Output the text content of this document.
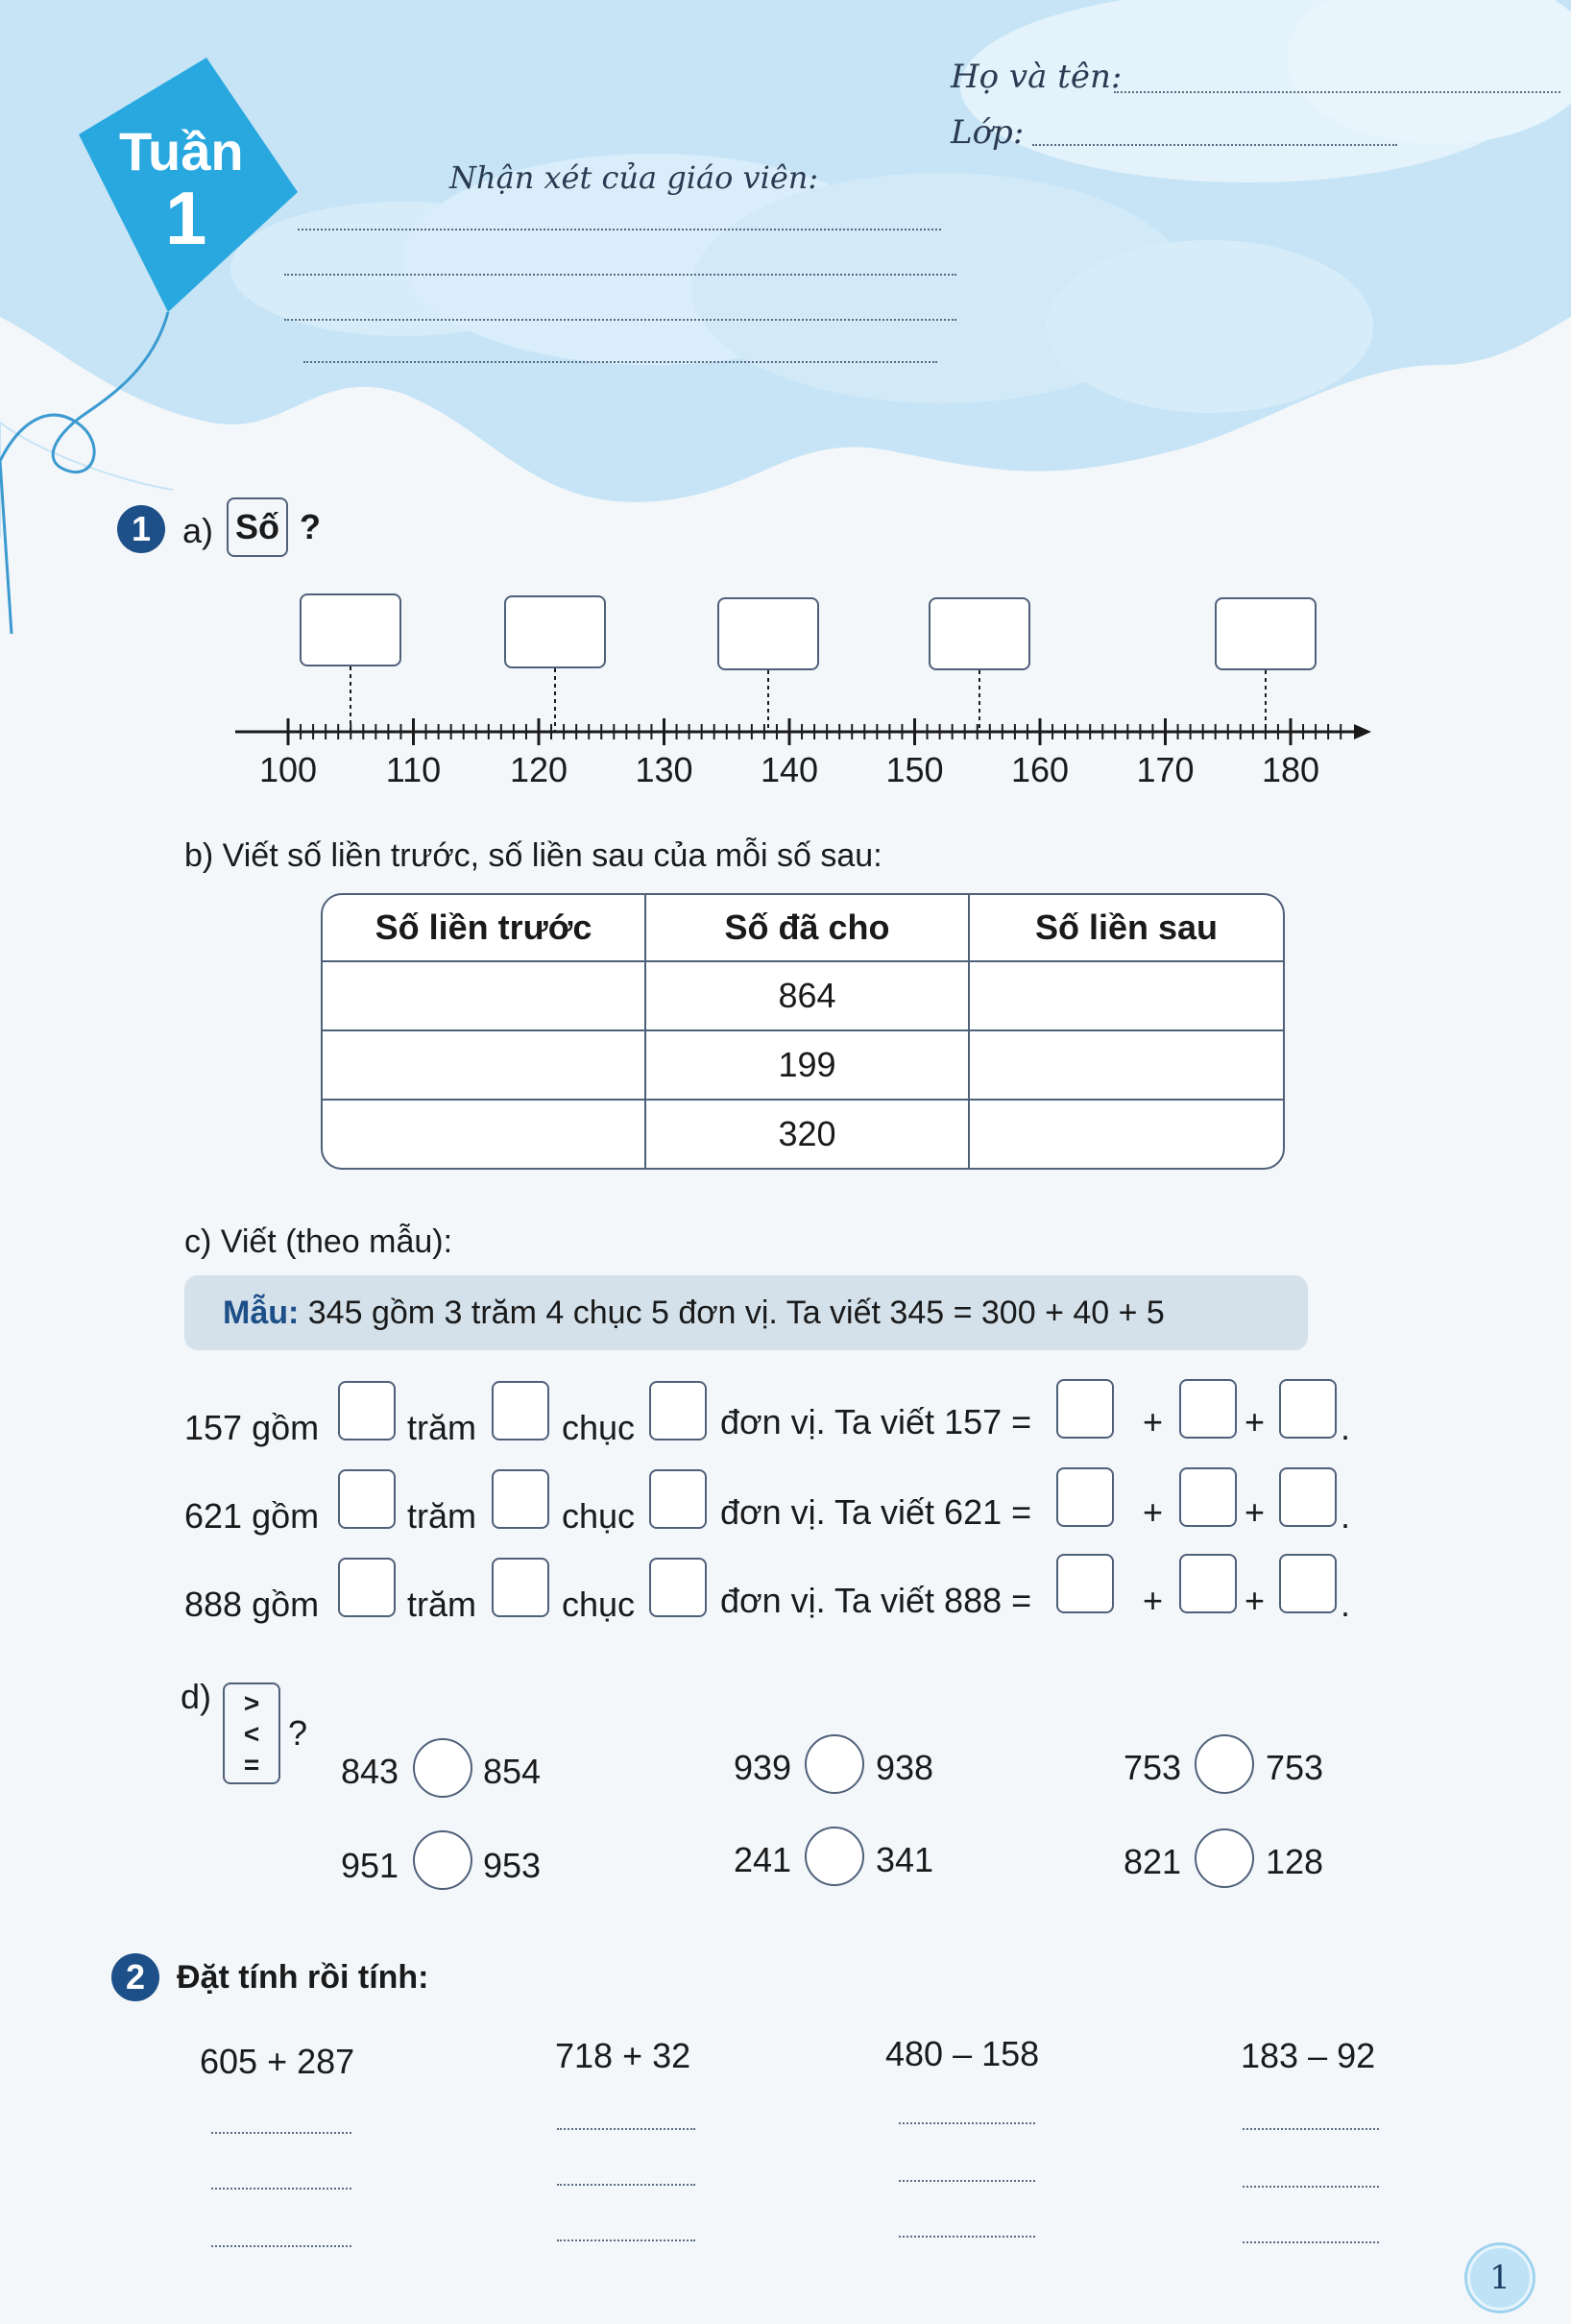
Tuần
1
Họ và tên:
Lớp:
Nhận xét của giáo viên:
1 a) Số ?
100 110 120 130 140 150 160 170 180
b) Viết số liền trước, số liền sau của mỗi số sau:
Số liền trước	Số đã cho	Số liền sau
	864	
	199	
	320	
c) Viết (theo mẫu):
Mẫu: 345 gồm 3 trăm 4 chục 5 đơn vị. Ta viết 345 = 300 + 40 + 5
157 gồm	trăm chục đơn vị. Ta viết 157 =	+ + .
621 gồm	trăm chục đơn vị. Ta viết 621 =	+ + .
888 gồm	trăm chục đơn vị. Ta viết 888 =	+ + .
d)	>
<
=
?
843 854	939 938	753 753
951 953	241 341	821 128
2 Đặt tính rồi tính:
605 + 287	718 + 32	480 – 158	183 – 92
1
